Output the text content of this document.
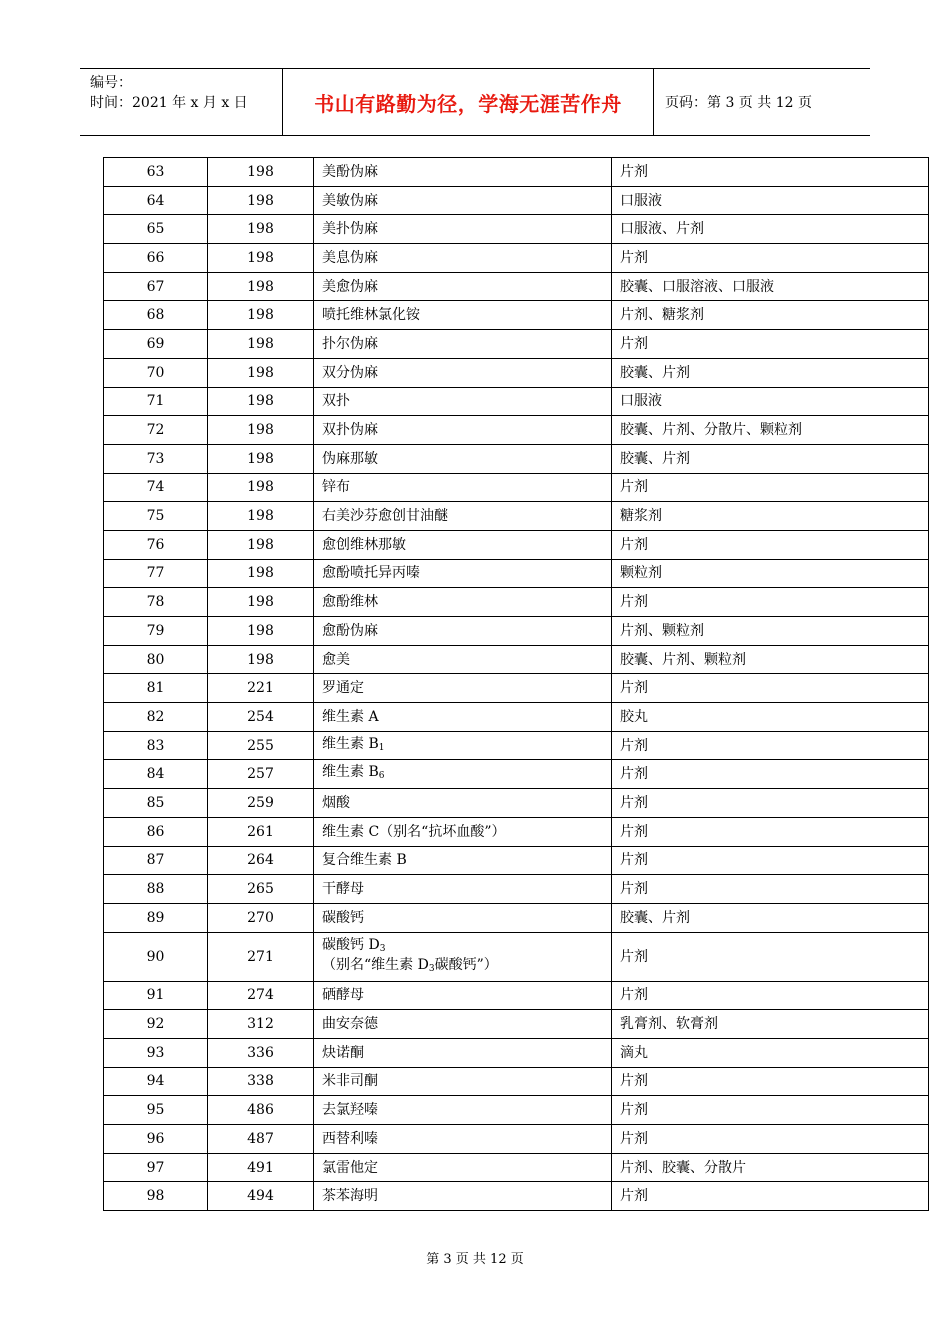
编号：
时间：2021 年 x 月 x 日	书山有路勤为径，学海无涯苦作舟	页码：第 3 页 共 12 页
63	198	美酚伪麻	片剂
64	198	美敏伪麻	口服液
65	198	美扑伪麻	口服液、片剂
66	198	美息伪麻	片剂
67	198	美愈伪麻	胶囊、口服溶液、口服液
68	198	喷托维林氯化铵	片剂、糖浆剂
69	198	扑尔伪麻	片剂
70	198	双分伪麻	胶囊、片剂
71	198	双扑	口服液
72	198	双扑伪麻	胶囊、片剂、分散片、颗粒剂
73	198	伪麻那敏	胶囊、片剂
74	198	锌布	片剂
75	198	右美沙芬愈创甘油醚	糖浆剂
76	198	愈创维林那敏	片剂
77	198	愈酚喷托异丙嗪	颗粒剂
78	198	愈酚维林	片剂
79	198	愈酚伪麻	片剂、颗粒剂
80	198	愈美	胶囊、片剂、颗粒剂
81	221	罗通定	片剂
82	254	维生素 A	胶丸
83	255	维生素 $B_1$	片剂
84	257	维生素 $B_6$	片剂
85	259	烟酸	片剂
86	261	维生素 C（别名“抗坏血酸”）	片剂
87	264	复合维生素 B	片剂
88	265	干酵母	片剂
89	270	碳酸钙	胶囊、片剂
90	271	碳酸钙 $D_3$
（别名“维生素 $D_3$碳酸钙”）	片剂
91	274	硒酵母	片剂
92	312	曲安奈德	乳膏剂、软膏剂
93	336	炔诺酮	滴丸
94	338	米非司酮	片剂
95	486	去氯羟嗪	片剂
96	487	西替利嗪	片剂
97	491	氯雷他定	片剂、胶囊、分散片
98	494	茶苯海明	片剂
第 3 页 共 12 页
